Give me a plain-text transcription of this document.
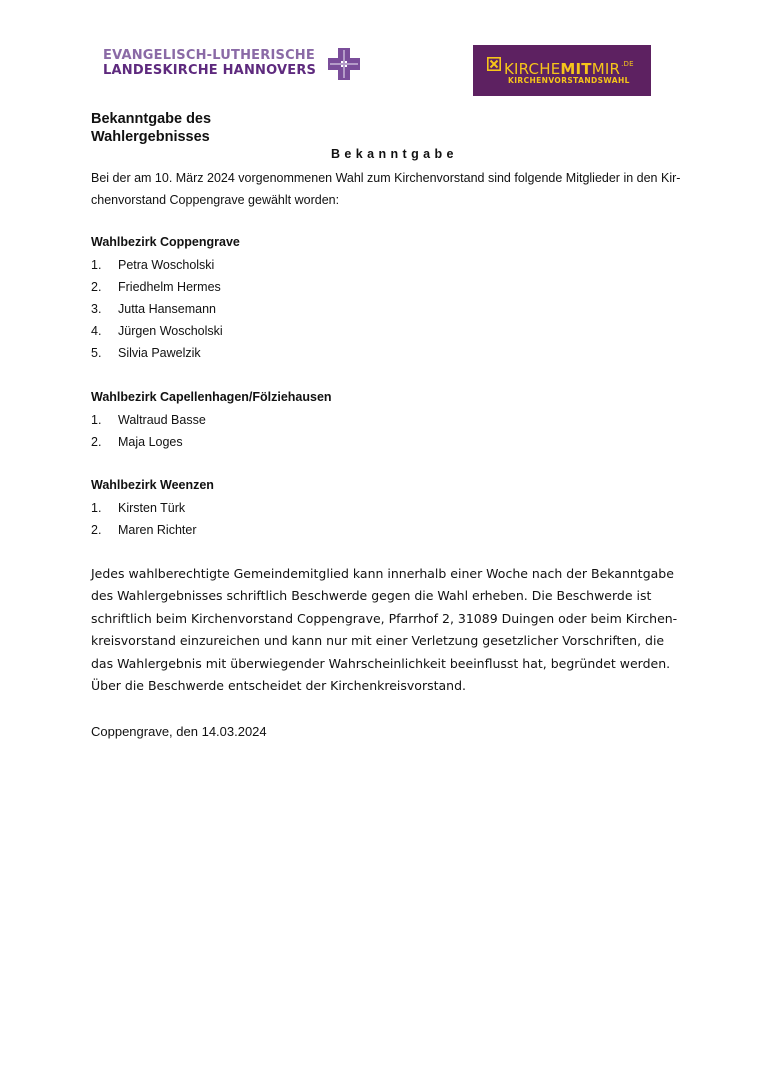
EVANGELISCH-LUTHERISCHE
LANDESKIRCHE HANNOVERS	$KIRCHEMITMIR^{.DE}$
KIRCHENVORSTANDSWAHL
Bekanntgabe des
Wahlergebnisses
Bekanntgabe
Bei der am 10. März 2024 vorgenommenen Wahl zum Kirchenvorstand sind folgende Mitglieder in den Kir-
chenvorstand Coppengrave gewählt worden:
Wahlbezirk Coppengrave
1. Petra Woscholski
2. Friedhelm Hermes
3. Jutta Hansemann
4. Jürgen Woscholski
5. Silvia Pawelzik
Wahlbezirk Capellenhagen/Fölziehausen
1. Waltraud Basse
2. Maja Loges
Wahlbezirk Weenzen
1. Kirsten Türk
2. Maren Richter
Jedes wahlberechtigte Gemeindemitglied kann innerhalb einer Woche nach der Bekanntgabe
des Wahlergebnisses schriftlich Beschwerde gegen die Wahl erheben. Die Beschwerde ist
schriftlich beim Kirchenvorstand Coppengrave, Pfarrhof 2, 31089 Duingen oder beim Kirchen-
kreisvorstand einzureichen und kann nur mit einer Verletzung gesetzlicher Vorschriften, die
das Wahlergebnis mit überwiegender Wahrscheinlichkeit beeinflusst hat, begründet werden.
Über die Beschwerde entscheidet der Kirchenkreisvorstand.
Coppengrave, den 14.03.2024
